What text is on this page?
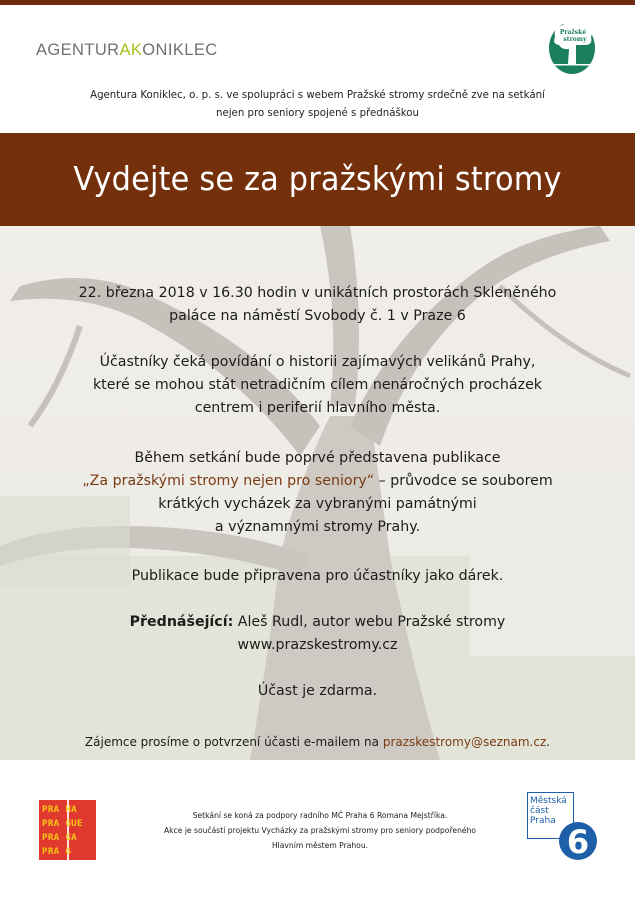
AGENTURAKONIKLEC
Pražské
stromy
Agentura Koniklec, o. p. s. ve spolupráci s webem Pražské stromy srdečně zve na setkání
nejen pro seniory spojené s přednáškou
Vydejte se za pražskými stromy
22. března 2018 v 16.30 hodin v unikátních prostorách Skleněného
paláce na náměstí Svobody č. 1 v Praze 6
Účastníky čeká povídání o historii zajímavých velikánů Prahy,
které se mohou stát netradičním cílem nenáročných procházek
centrem i periferií hlavního města.
Během setkání bude poprvé představena publikace
„Za pražskými stromy nejen pro seniory“ – průvodce se souborem
krátkých vycházek za vybranými památnými
a významnými stromy Prahy.
Publikace bude připravena pro účastníky jako dárek.
Přednášející: Aleš Rudl, autor webu Pražské stromy
www.prazskestromy.cz
Účast je zdarma.
Zájemce prosíme o potvrzení účasti e-mailem na prazskestromy@seznam.cz.
PRA HA
PRA GUE
PRA GA
PRA G
Setkání se koná za podpory radního MČ Praha 6 Romana Mejstříka.
Akce je součástí projektu Vycházky za pražskými stromy pro seniory podpořeného
Hlavním městem Prahou.
Městská
část
Praha
6
